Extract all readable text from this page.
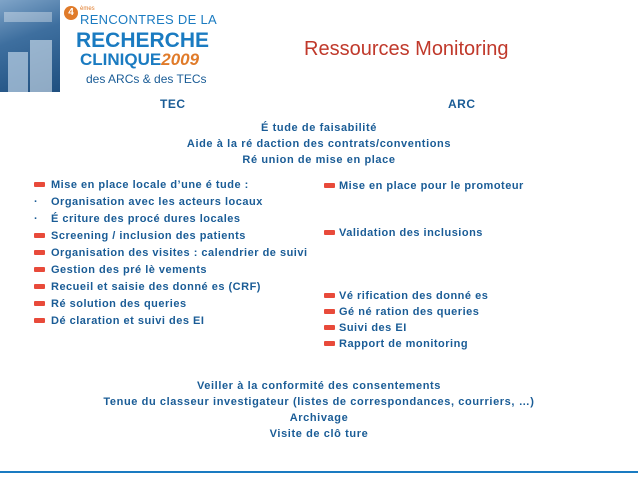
4	èmes
RENCONTRES DE LA
RECHERCHE
CLINIQUE2009
des ARCs & des TECs
Ressources Monitoring
TEC	ARC
É tude de faisabilité
Aide à la ré daction des contrats/conventions
Ré union de mise en place
Mise en place locale d’une é tude :
·	Organisation avec les acteurs locaux
·	É criture des procé dures locales
Screening / inclusion des patients
Organisation des visites : calendrier de suivi
Gestion des pré lè vements
Recueil et saisie des donné es (CRF)
Ré solution des queries
Dé claration et suivi des EI
Mise en place pour le promoteur
Validation des inclusions
Vé rification des donné es
Gé né ration des queries
Suivi des EI
Rapport de monitoring
Veiller à la conformité des consentements
Tenue du classeur investigateur (listes de correspondances, courriers, …)
Archivage
Visite de clô ture
